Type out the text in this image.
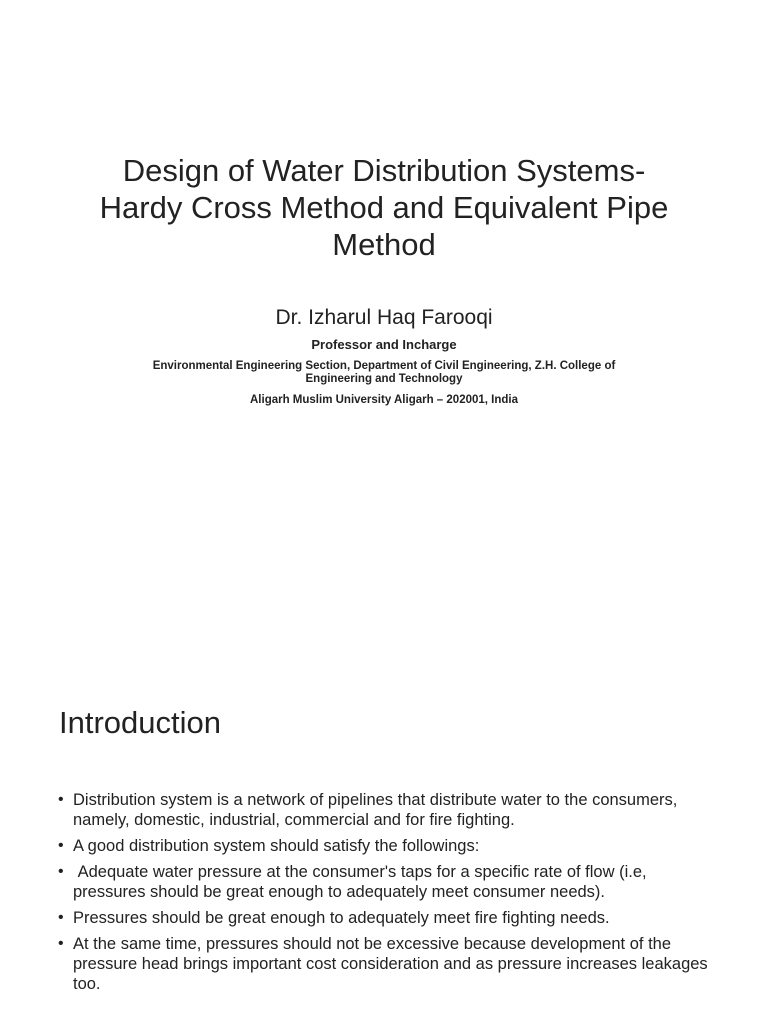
Design of Water Distribution Systems-
Hardy Cross Method and Equivalent Pipe
Method
Dr. Izharul Haq Farooqi
Professor and Incharge
Environmental Engineering Section, Department of Civil Engineering, Z.H. College of
Engineering and Technology
Aligarh Muslim University Aligarh – 202001, India
Introduction
• Distribution system is a network of pipelines that distribute water to the consumers, namely, domestic, industrial, commercial and for fire fighting.
• A good distribution system should satisfy the followings:
• Adequate water pressure at the consumer's taps for a specific rate of flow (i.e, pressures should be great enough to adequately meet consumer needs).
• Pressures should be great enough to adequately meet fire fighting needs.
• At the same time, pressures should not be excessive because development of the pressure head brings important cost consideration and as pressure increases leakages too.
